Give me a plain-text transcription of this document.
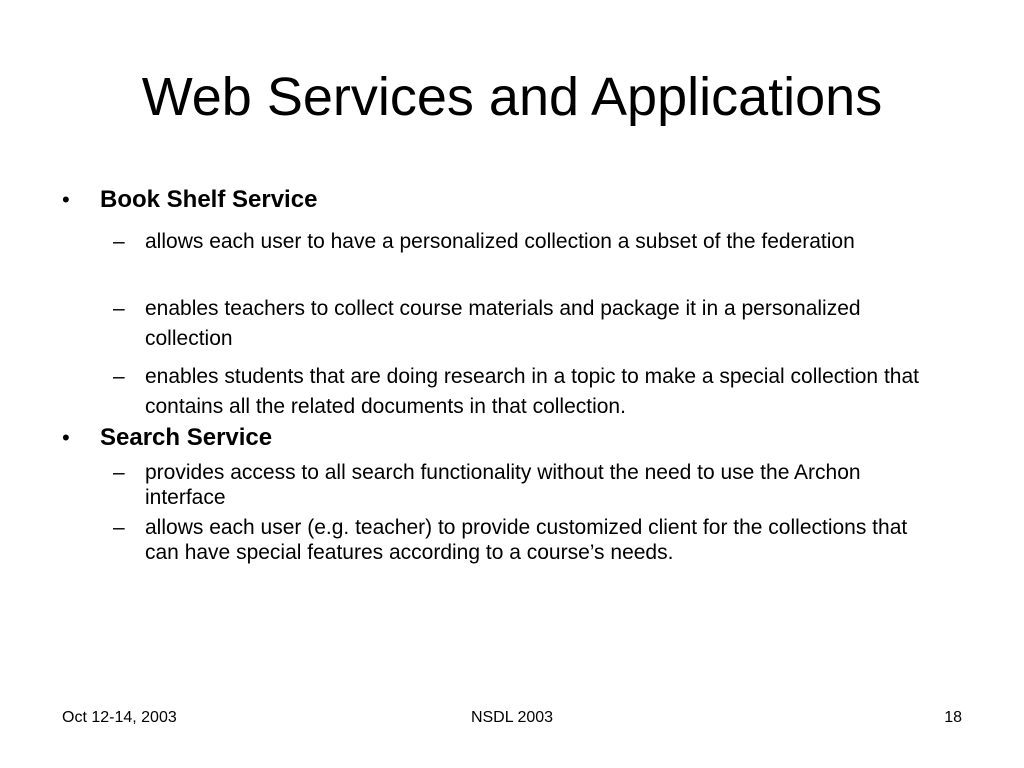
Web Services and Applications
•	Book Shelf Service
– allows each user to have a personalized collection a subset of the federation
– enables teachers to collect course materials and package it in a personalized collection
– enables students that are doing research in a topic to make a special collection that contains all the related documents in that collection.
•	Search Service
– provides access to all search functionality without the need to use the Archon interface
– allows each user (e.g. teacher) to provide customized client for the collections that can have special features according to a course’s needs.
Oct 12-14, 2003	NSDL 2003	18
